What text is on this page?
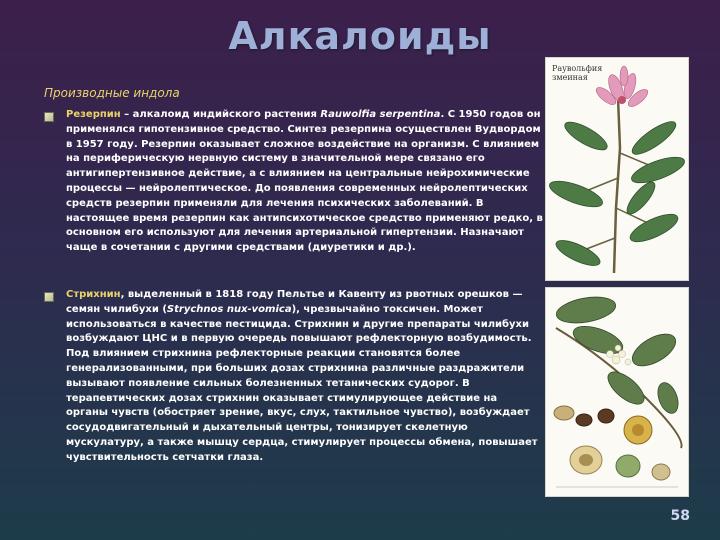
Алкалоиды
Производные индола
Резерпин – алкалоид индийского растения Rauwolfia serpentina. С 1950 годов он применялся гипотензивное средство. Синтез резерпина осуществлен Вудвордом в 1957 году. Резерпин оказывает сложное воздействие на организм. С влиянием на периферическую нервную систему в значительной мере связано его антигипертензивное действие, а с влиянием на центральные нейрохимические процессы — нейролептическое. До появления современных нейролептических средств резерпин применяли для лечения психических заболеваний. В настоящее время резерпин как антипсихотическое средство применяют редко, в основном его используют для лечения артериальной гипертензии. Назначают чаще в сочетании с другими средствами (диуретики и др.).
Стрихнин, выделенный в 1818 году Пельтье и Кавенту из рвотных орешков — семян чилибухи (Strychnos nux-vomica), чрезвычайно токсичен. Может использоваться в качестве пестицида. Стрихнин и другие препараты чилибухи возбуждают ЦНС и в первую очередь повышают рефлекторную возбудимость. Под влиянием стрихнина рефлекторные реакции становятся более генерализованными, при больших дозах стрихнина различные раздражители вызывают появление сильных болезненных тетанических судорог. В терапевтических дозах стрихнин оказывает стимулирующее действие на органы чувств (обостряет зрение, вкус, слух, тактильное чувство), возбуждает сосудодвигательный и дыхательный центры, тонизирует скелетную мускулатуру, а также мышцу сердца, стимулирует процессы обмена, повышает чувствительность сетчатки глаза.
Раувольфия
змеиная
58
